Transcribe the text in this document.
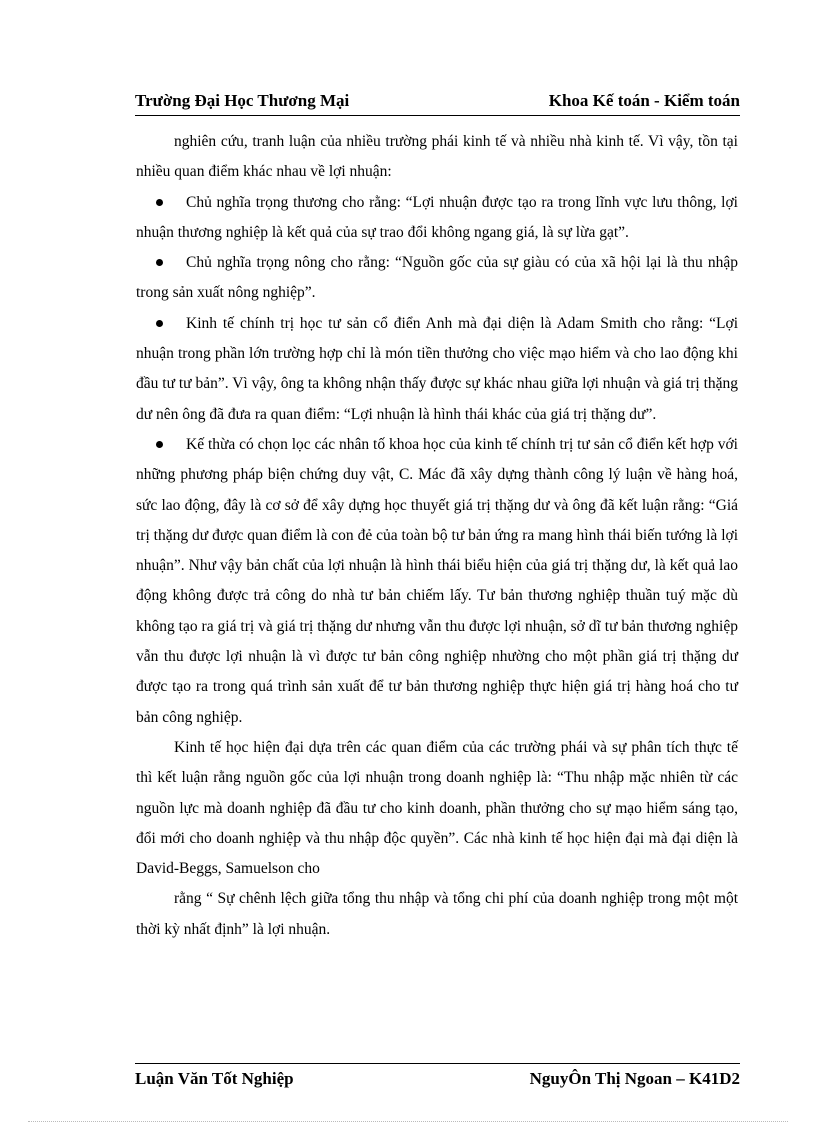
Trường Đại Học Thương Mại	Khoa Kế toán - Kiểm toán

nghiên cứu, tranh luận của nhiều trường phái kinh tế và nhiều nhà kinh tế. Vì vậy, tồn tại nhiều quan điểm khác nhau về lợi nhuận:

Chủ nghĩa trọng thương cho rằng: “Lợi nhuận được tạo ra trong lĩnh vực lưu thông, lợi nhuận thương nghiệp là kết quả của sự trao đổi không ngang giá, là sự lừa gạt”.
Chủ nghĩa trọng nông cho rằng: “Nguồn gốc của sự giàu có của xã hội lại là thu nhập trong sản xuất nông nghiệp”.
Kinh tế chính trị học tư sản cổ điển Anh mà đại diện là Adam Smith cho rằng: “Lợi nhuận trong phần lớn trường hợp chỉ là món tiền thưởng cho việc mạo hiểm và cho lao động khi đầu tư tư bản”. Vì vậy, ông ta không nhận thấy được sự khác nhau giữa lợi nhuận và giá trị thặng dư nên ông đã đưa ra quan điểm: “Lợi nhuận là hình thái khác của giá trị thặng dư”.
Kế thừa có chọn lọc các nhân tố khoa học của kinh tế chính trị tư sản cổ điển kết hợp với những phương pháp biện chứng duy vật, C. Mác đã xây dựng thành công lý luận về hàng hoá, sức lao động, đây là cơ sở để xây dựng học thuyết giá trị thặng dư và ông đã kết luận rằng: “Giá trị thặng dư được quan điểm là con đẻ của toàn bộ tư bản ứng ra mang hình thái biến tướng là lợi nhuận”. Như vậy bản chất của lợi nhuận là hình thái biểu hiện của giá trị thặng dư, là kết quả lao động không được trả công do nhà tư bản chiếm lấy. Tư bản thương nghiệp thuần tuý mặc dù không tạo ra giá trị và giá trị thặng dư nhưng vẫn thu được lợi nhuận, sở dĩ tư bản thương nghiệp vẫn thu được lợi nhuận là vì được tư bản công nghiệp nhường cho một phần giá trị thặng dư được tạo ra trong quá trình sản xuất để tư bản thương nghiệp thực hiện giá trị hàng hoá cho tư bản công nghiệp.

Kinh tế học hiện đại dựa trên các quan điểm của các trường phái và sự phân tích thực tế thì kết luận rằng nguồn gốc của lợi nhuận trong doanh nghiệp là: “Thu nhập mặc nhiên từ các nguồn lực mà doanh nghiệp đã đầu tư cho kinh doanh, phần thưởng cho sự mạo hiểm sáng tạo, đổi mới cho doanh nghiệp và thu nhập độc quyền”. Các nhà kinh tế học hiện đại mà đại diện là David-Beggs, Samuelson cho

rằng “ Sự chênh lệch giữa tổng thu nhập và tổng chi phí của doanh nghiệp trong một một thời kỳ nhất định” là lợi nhuận.

Luận Văn Tốt Nghiệp	NguyÔn Thị Ngoan – K41D2
